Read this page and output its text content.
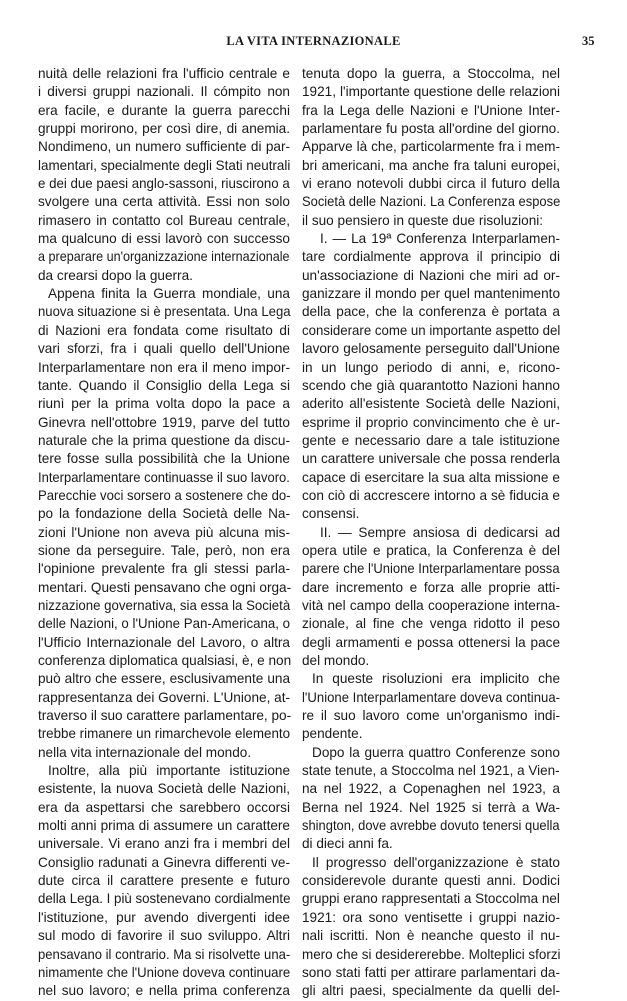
LA VITA INTERNAZIONALE	35
nuità delle relazioni fra l'ufficio centrale e
i diversi gruppi nazionali. Il cómpito non
era facile, e durante la guerra parecchi
gruppi morirono, per così dire, di anemia.
Nondimeno, un numero sufficiente di par-
lamentari, specialmente degli Stati neutrali
e dei due paesi anglo-sassoni, riuscirono a
svolgere una certa attività. Essi non solo
rimasero in contatto col Bureau centrale,
ma qualcuno di essi lavorò con successo
a preparare un'organizzazione internazionale
da crearsi dopo la guerra.
Appena finita la Guerra mondiale, una
nuova situazione si è presentata. Una Lega
di Nazioni era fondata come risultato di
vari sforzi, fra i quali quello dell'Unione
Interparlamentare non era il meno impor-
tante. Quando il Consiglio della Lega si
riunì per la prima volta dopo la pace a
Ginevra nell'ottobre 1919, parve del tutto
naturale che la prima questione da discu-
tere fosse sulla possibilità che la Unione
Interparlamentare continuasse il suo lavoro.
Parecchie voci sorsero a sostenere che do-
po la fondazione della Società delle Na-
zioni l'Unione non aveva più alcuna mis-
sione da perseguire. Tale, però, non era
l'opinione prevalente fra gli stessi parla-
mentari. Questi pensavano che ogni orga-
nizzazione governativa, sia essa la Società
delle Nazioni, o l'Unione Pan-Americana, o
l'Ufficio Internazionale del Lavoro, o altra
conferenza diplomatica qualsiasi, è, e non
può altro che essere, esclusivamente una
rappresentanza dei Governi. L'Unione, at-
traverso il suo carattere parlamentare, po-
trebbe rimanere un rimarchevole elemento
nella vita internazionale del mondo.
Inoltre, alla più importante istituzione
esistente, la nuova Società delle Nazioni,
era da aspettarsi che sarebbero occorsi
molti anni prima di assumere un carattere
universale. Vi erano anzi fra i membri del
Consiglio radunati a Ginevra differenti ve-
dute circa il carattere presente e futuro
della Lega. I più sostenevano cordialmente
l'istituzione, pur avendo divergenti idee
sul modo di favorire il suo sviluppo. Altri
pensavano il contrario. Ma si risolvette una-
nimamente che l'Unione doveva continuare
nel suo lavoro; e nella prima conferenza
tenuta dopo la guerra, a Stoccolma, nel
1921, l'importante questione delle relazioni
fra la Lega delle Nazioni e l'Unione Inter-
parlamentare fu posta all'ordine del giorno.
Apparve là che, particolarmente fra i mem-
bri americani, ma anche fra taluni europei,
vi erano notevoli dubbi circa il futuro della
Società delle Nazioni. La Conferenza espose
il suo pensiero in queste due risoluzioni:
I. — La 19ª Conferenza Interparlamen-
tare cordialmente approva il principio di
un'associazione di Nazioni che miri ad or-
ganizzare il mondo per quel mantenimento
della pace, che la conferenza è portata a
considerare come un importante aspetto del
lavoro gelosamente perseguito dall'Unione
in un lungo periodo di anni, e, ricono-
scendo che già quarantotto Nazioni hanno
aderito all'esistente Società delle Nazioni,
esprime il proprio convincimento che è ur-
gente e necessario dare a tale istituzione
un carattere universale che possa renderla
capace di esercitare la sua alta missione e
con ciò di accrescere intorno a sè fiducia e
consensi.
II. — Sempre ansiosa di dedicarsi ad
opera utile e pratica, la Conferenza è del
parere che l'Unione Interparlamentare possa
dare incremento e forza alle proprie atti-
vità nel campo della cooperazione interna-
zionale, al fine che venga ridotto il peso
degli armamenti e possa ottenersi la pace
del mondo.
In queste risoluzioni era implicito che
l'Unione Interparlamentare doveva continua-
re il suo lavoro come un'organismo indi-
pendente.
Dopo la guerra quattro Conferenze sono
state tenute, a Stoccolma nel 1921, a Vien-
na nel 1922, a Copenaghen nel 1923, a
Berna nel 1924. Nel 1925 si terrà a Wa-
shington, dove avrebbe dovuto tenersi quella
di dieci anni fa.
Il progresso dell'organizzazione è stato
considerevole durante questi anni. Dodici
gruppi erano rappresentati a Stoccolma nel
1921: ora sono ventisette i gruppi nazio-
nali iscritti. Non è neanche questo il nu-
mero che si desidererebbe. Molteplici sforzi
sono stati fatti per attirare parlamentari da-
gli altri paesi, specialmente da quelli del-
